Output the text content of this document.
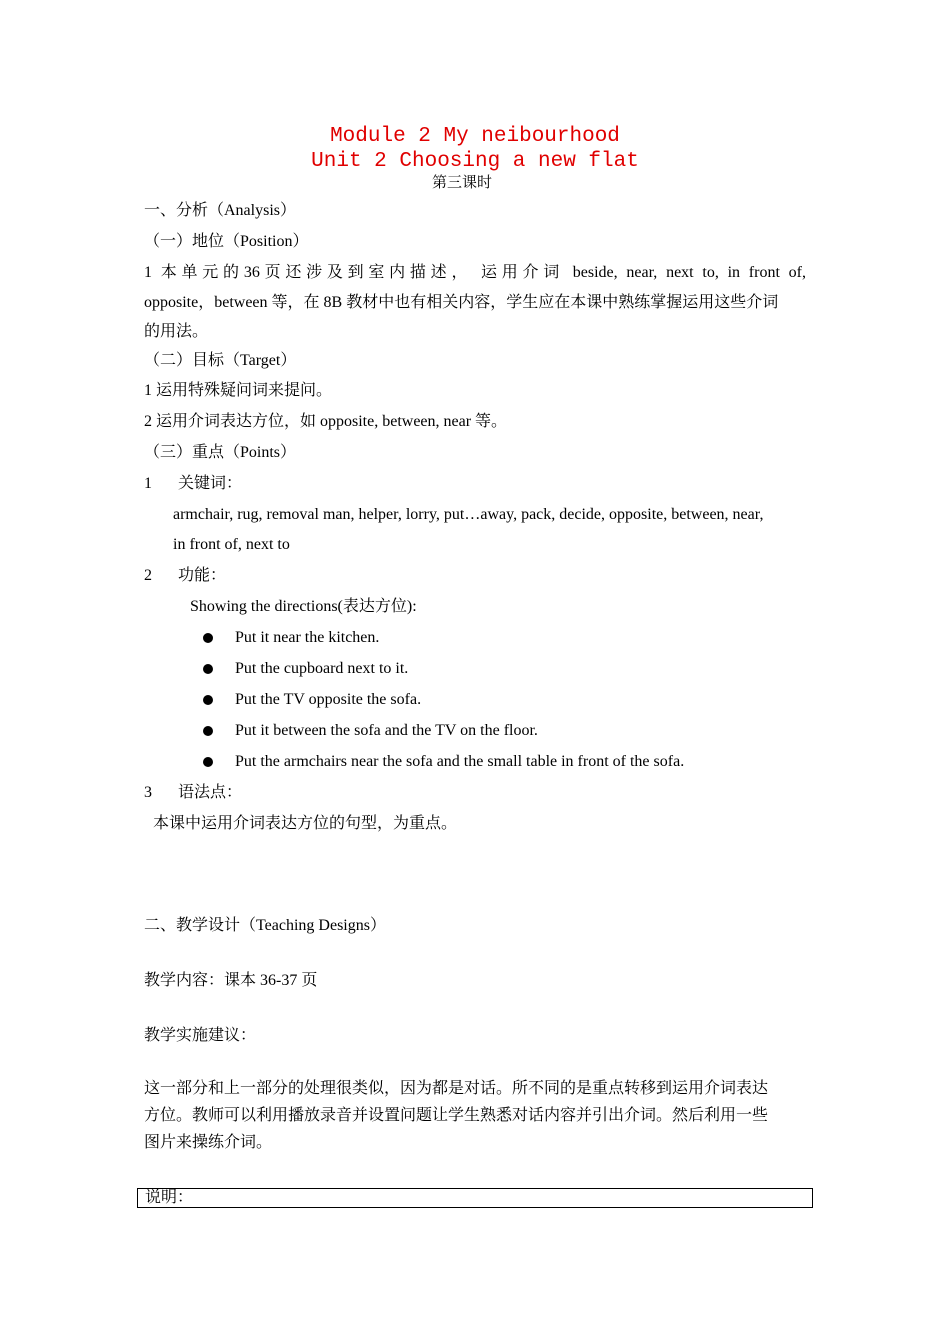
Module 2 My neibourhood
Unit 2 Choosing a new flat
第三课时
一、分析（Analysis）
（一）地位（Position）
1 本单元的36页还涉及到室内描述， 运用介词 beside, near, next to, in front of,
opposite，between 等，在 8B 教材中也有相关内容，学生应在本课中熟练掌握运用这些介词
的用法。
（二）目标（Target）
1 运用特殊疑问词来提问。
2 运用介词表达方位，如 opposite, between, near 等。
（三）重点（Points）
1 关键词：
armchair, rug, removal man, helper, lorry, put…away, pack, decide, opposite, between, near,
in front of, next to
2 功能：
Showing the directions(表达方位):
Put it near the kitchen.
Put the cupboard next to it.
Put the TV opposite the sofa.
Put it between the sofa and the TV on the floor.
Put the armchairs near the sofa and the small table in front of the sofa.
3 语法点：
本课中运用介词表达方位的句型，为重点。
二、教学设计（Teaching Designs）
教学内容：课本 36-37 页
教学实施建议：
这一部分和上一部分的处理很类似，因为都是对话。所不同的是重点转移到运用介词表达
方位。教师可以利用播放录音并设置问题让学生熟悉对话内容并引出介词。然后利用一些
图片来操练介词。
说明：
